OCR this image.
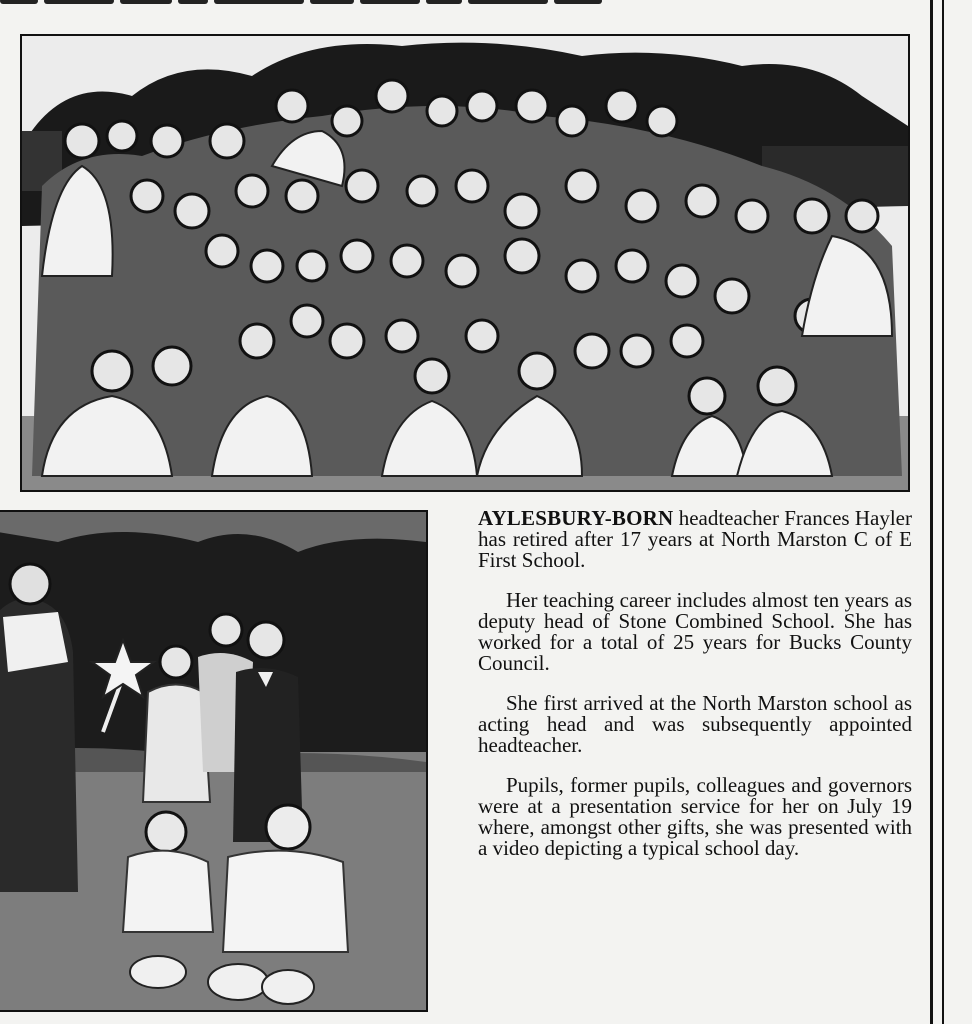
AYLESBURY-BORN headteacher Frances Hayler has retired after 17 years at North Marston C of E First School.

Her teaching career includes almost ten years as deputy head of Stone Combined School. She has worked for a total of 25 years for Bucks County Council.

She first arrived at the North Marston school as acting head and was subsequently appointed headteacher.

Pupils, former pupils, colleagues and governors were at a presentation service for her on July 19 where, amongst other gifts, she was presented with a video depicting a typical school day.
